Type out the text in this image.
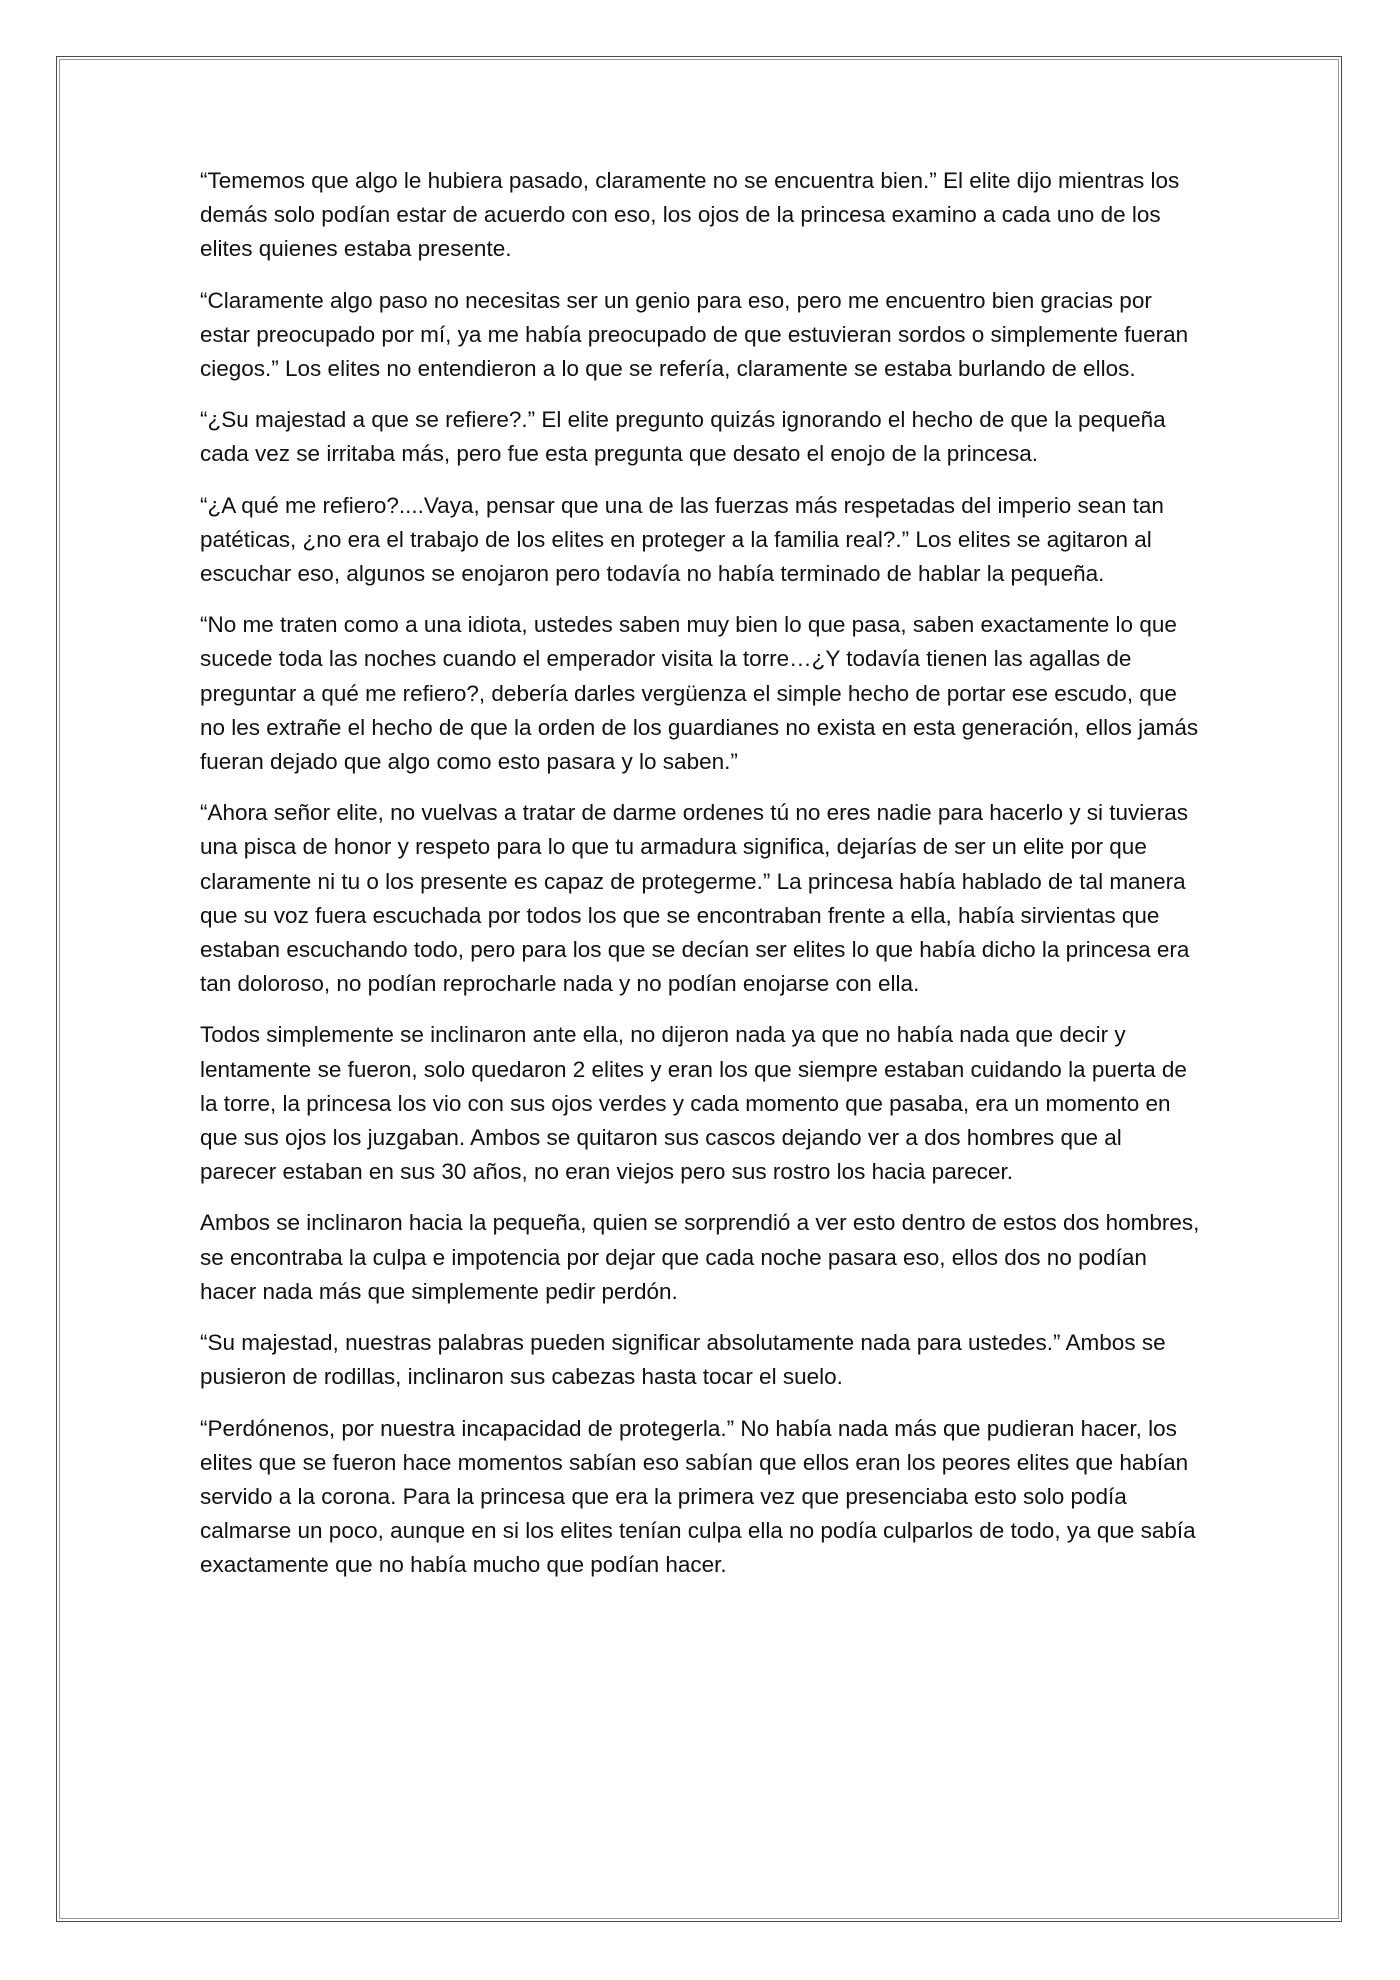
“Tememos que algo le hubiera pasado, claramente no se encuentra bien.” El elite dijo mientras los demás solo podían estar de acuerdo con eso, los ojos de la princesa examino a cada uno de los elites quienes estaba presente.

“Claramente algo paso no necesitas ser un genio para eso, pero me encuentro bien gracias por estar preocupado por mí, ya me había preocupado de que estuvieran sordos o simplemente fueran ciegos.” Los elites no entendieron a lo que se refería, claramente se estaba burlando de ellos.

“¿Su majestad a que se refiere?.” El elite pregunto quizás ignorando el hecho de que la pequeña cada vez se irritaba más, pero fue esta pregunta que desato el enojo de la princesa.

“¿A qué me refiero?....Vaya, pensar que una de las fuerzas más respetadas del imperio sean tan patéticas, ¿no era el trabajo de los elites en proteger a la familia real?.” Los elites se agitaron al escuchar eso, algunos se enojaron pero todavía no había terminado de hablar la pequeña.

“No me traten como a una idiota, ustedes saben muy bien lo que pasa, saben exactamente lo que sucede toda las noches cuando el emperador visita la torre…¿Y todavía tienen las agallas de preguntar a qué me refiero?, debería darles vergüenza el simple hecho de portar ese escudo, que no les extrañe el hecho de que la orden de los guardianes no exista en esta generación, ellos jamás fueran dejado que algo como esto pasara y lo saben.”

“Ahora señor elite, no vuelvas a tratar de darme ordenes tú no eres nadie para hacerlo y si tuvieras una pisca de honor y respeto para lo que tu armadura significa, dejarías de ser un elite por que claramente ni tu o los presente es capaz de protegerme.” La princesa había hablado de tal manera que su voz fuera escuchada por todos los que se encontraban frente a ella, había sirvientas que estaban escuchando todo, pero para los que se decían ser elites lo que había dicho la princesa era tan doloroso, no podían reprocharle nada y no podían enojarse con ella.

Todos simplemente se inclinaron ante ella, no dijeron nada ya que no había nada que decir y lentamente se fueron, solo quedaron 2 elites y eran los que siempre estaban cuidando la puerta de la torre, la princesa los vio con sus ojos verdes y cada momento que pasaba, era un momento en que sus ojos los juzgaban. Ambos se quitaron sus cascos dejando ver a dos hombres que al parecer estaban en sus 30 años, no eran viejos pero sus rostro los hacia parecer.

Ambos se inclinaron hacia la pequeña, quien se sorprendió a ver esto dentro de estos dos hombres, se encontraba la culpa e impotencia por dejar que cada noche pasara eso, ellos dos no podían hacer nada más que simplemente pedir perdón.

“Su majestad, nuestras palabras pueden significar absolutamente nada para ustedes.” Ambos se pusieron de rodillas, inclinaron sus cabezas hasta tocar el suelo.

“Perdónenos, por nuestra incapacidad de protegerla.” No había nada más que pudieran hacer, los elites que se fueron hace momentos sabían eso sabían que ellos eran los peores elites que habían servido a la corona. Para la princesa que era la primera vez que presenciaba esto solo podía calmarse un poco, aunque en si los elites tenían culpa ella no podía culparlos de todo, ya que sabía exactamente que no había mucho que podían hacer.
